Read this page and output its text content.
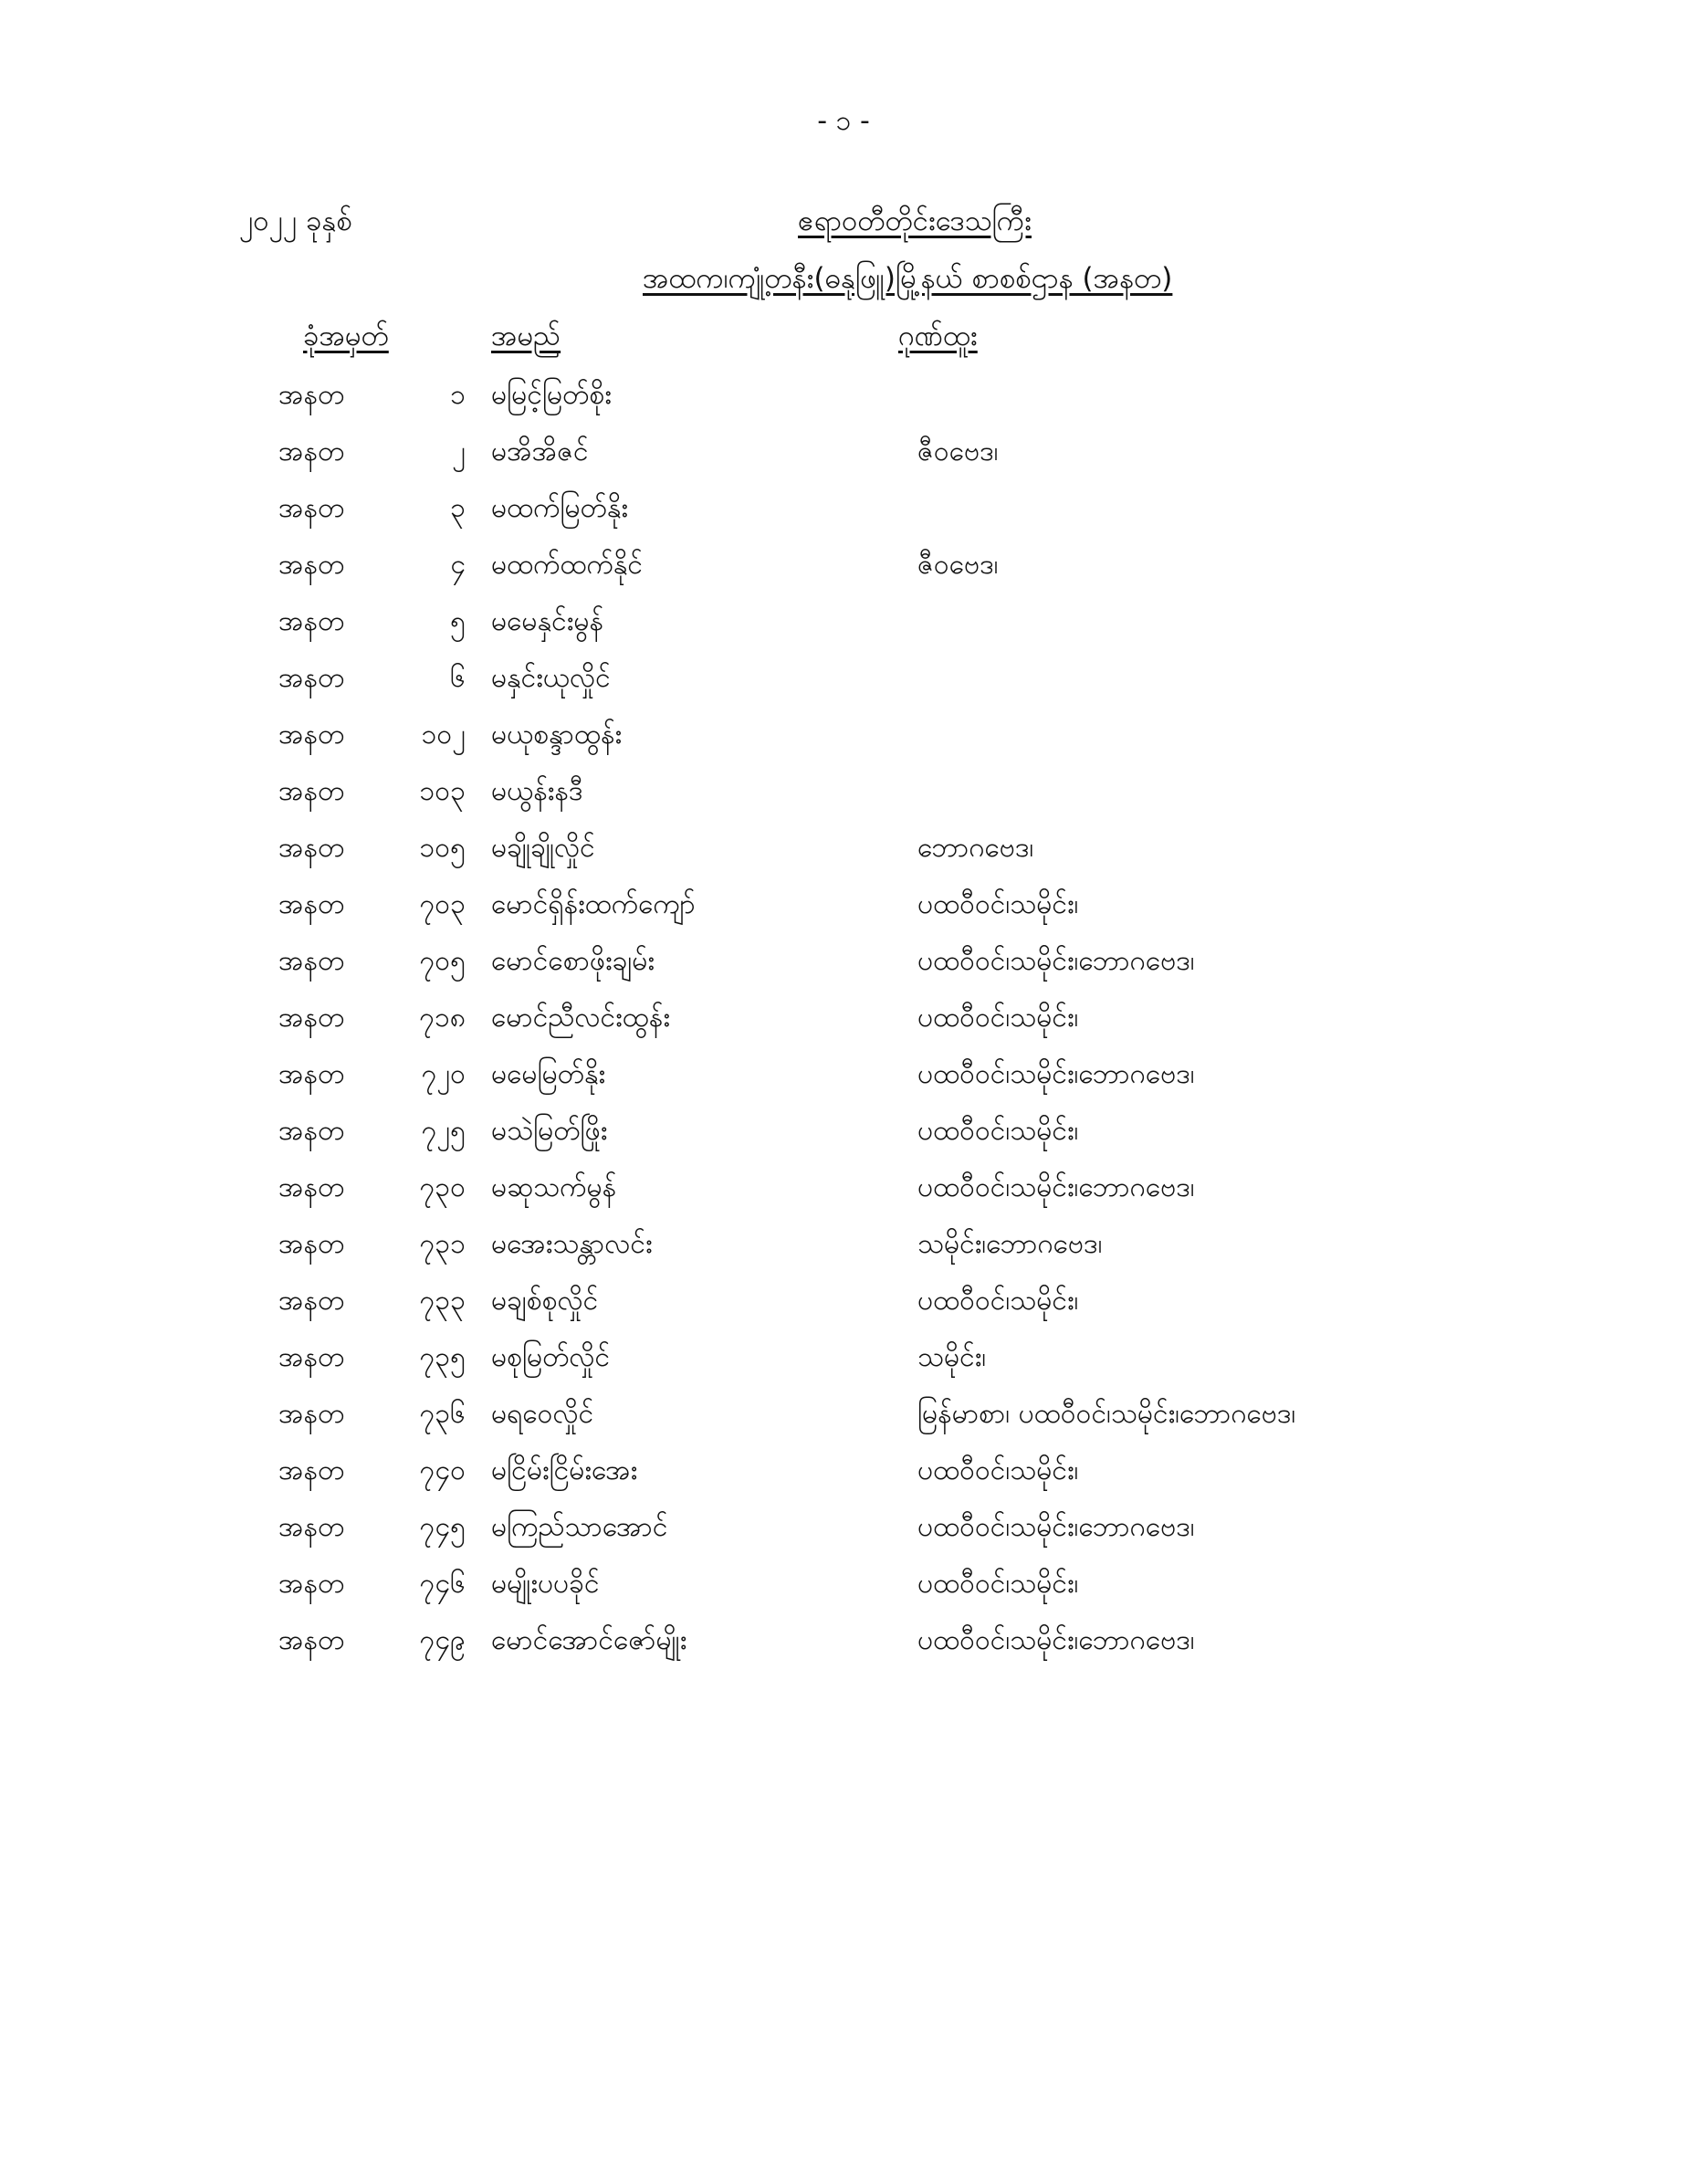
- ၁ -
၂၀၂၂ ခုနှစ်	ဧရာဝတီတိုင်းဒေသကြီး
အထက၊ကျုံ့တနီး(ဓနုဖြူ)မြို့နယ် စာစစ်ဌာန (အနတ)
ခုံအမှတ်	အမည်	ဂုဏ်ထူး
အနတ	၁ မမြင့်မြတ်စိုး
အနတ	၂ မအိအိဇင်	ဇီဝဗေဒ၊
အနတ	၃ မထက်မြတ်နိုး
အနတ	၄ မထက်ထက်နိုင်	ဇီဝဗေဒ၊
အနတ	၅ မမေနှင်းမွန်
အနတ	၆ မနှင်းယုလှိုင်
အနတ	၁၀၂ မယုစန္ဒာထွန်း
အနတ	၁၀၃ မယွန်းနဒီ
အနတ	၁၀၅ မချိုချိုလှိုင်	ဘောဂဗေဒ၊
အနတ	၇၀၃ မောင်ရှိန်းထက်ကျော်	ပထဝီဝင်၊သမိုင်း၊
အနတ	၇၀၅ မောင်စောဖိုးချမ်း	ပထဝီဝင်၊သမိုင်း၊ဘောဂဗေဒ၊
အနတ	၇၁၈ မောင်ညီလင်းထွန်း	ပထဝီဝင်၊သမိုင်း၊
အနတ	၇၂၀ မမေမြတ်နိုး	ပထဝီဝင်၊သမိုင်း၊ဘောဂဗေဒ၊
အနတ	၇၂၅ မသဲမြတ်ဖြိုး	ပထဝီဝင်၊သမိုင်း၊
အနတ	၇၃၀ မဆုသက်မွန်	ပထဝီဝင်၊သမိုင်း၊ဘောဂဗေဒ၊
အနတ	၇၃၁ မအေးသန္တာလင်း	သမိုင်း၊ဘောဂဗေဒ၊
အနတ	၇၃၃ မချစ်စုလှိုင်	ပထဝီဝင်၊သမိုင်း၊
အနတ	၇၃၅ မစုမြတ်လှိုင်	သမိုင်း၊
အနတ	၇၃၆ မရဝေလှိုင်	မြန်မာစာ၊ ပထဝီဝင်၊သမိုင်း၊ဘောဂဗေဒ၊
အနတ	၇၄၀ မငြိမ်းငြိမ်းအေး	ပထဝီဝင်၊သမိုင်း၊
အနတ	၇၄၅ မကြည်သာအောင်	ပထဝီဝင်၊သမိုင်း၊ဘောဂဗေဒ၊
အနတ	၇၄၆ မမျိုးပပခိုင်	ပထဝီဝင်၊သမိုင်း၊
အနတ	၇၄၉ မောင်အောင်ဇော်မျိုး	ပထဝီဝင်၊သမိုင်း၊ဘောဂဗေဒ၊
